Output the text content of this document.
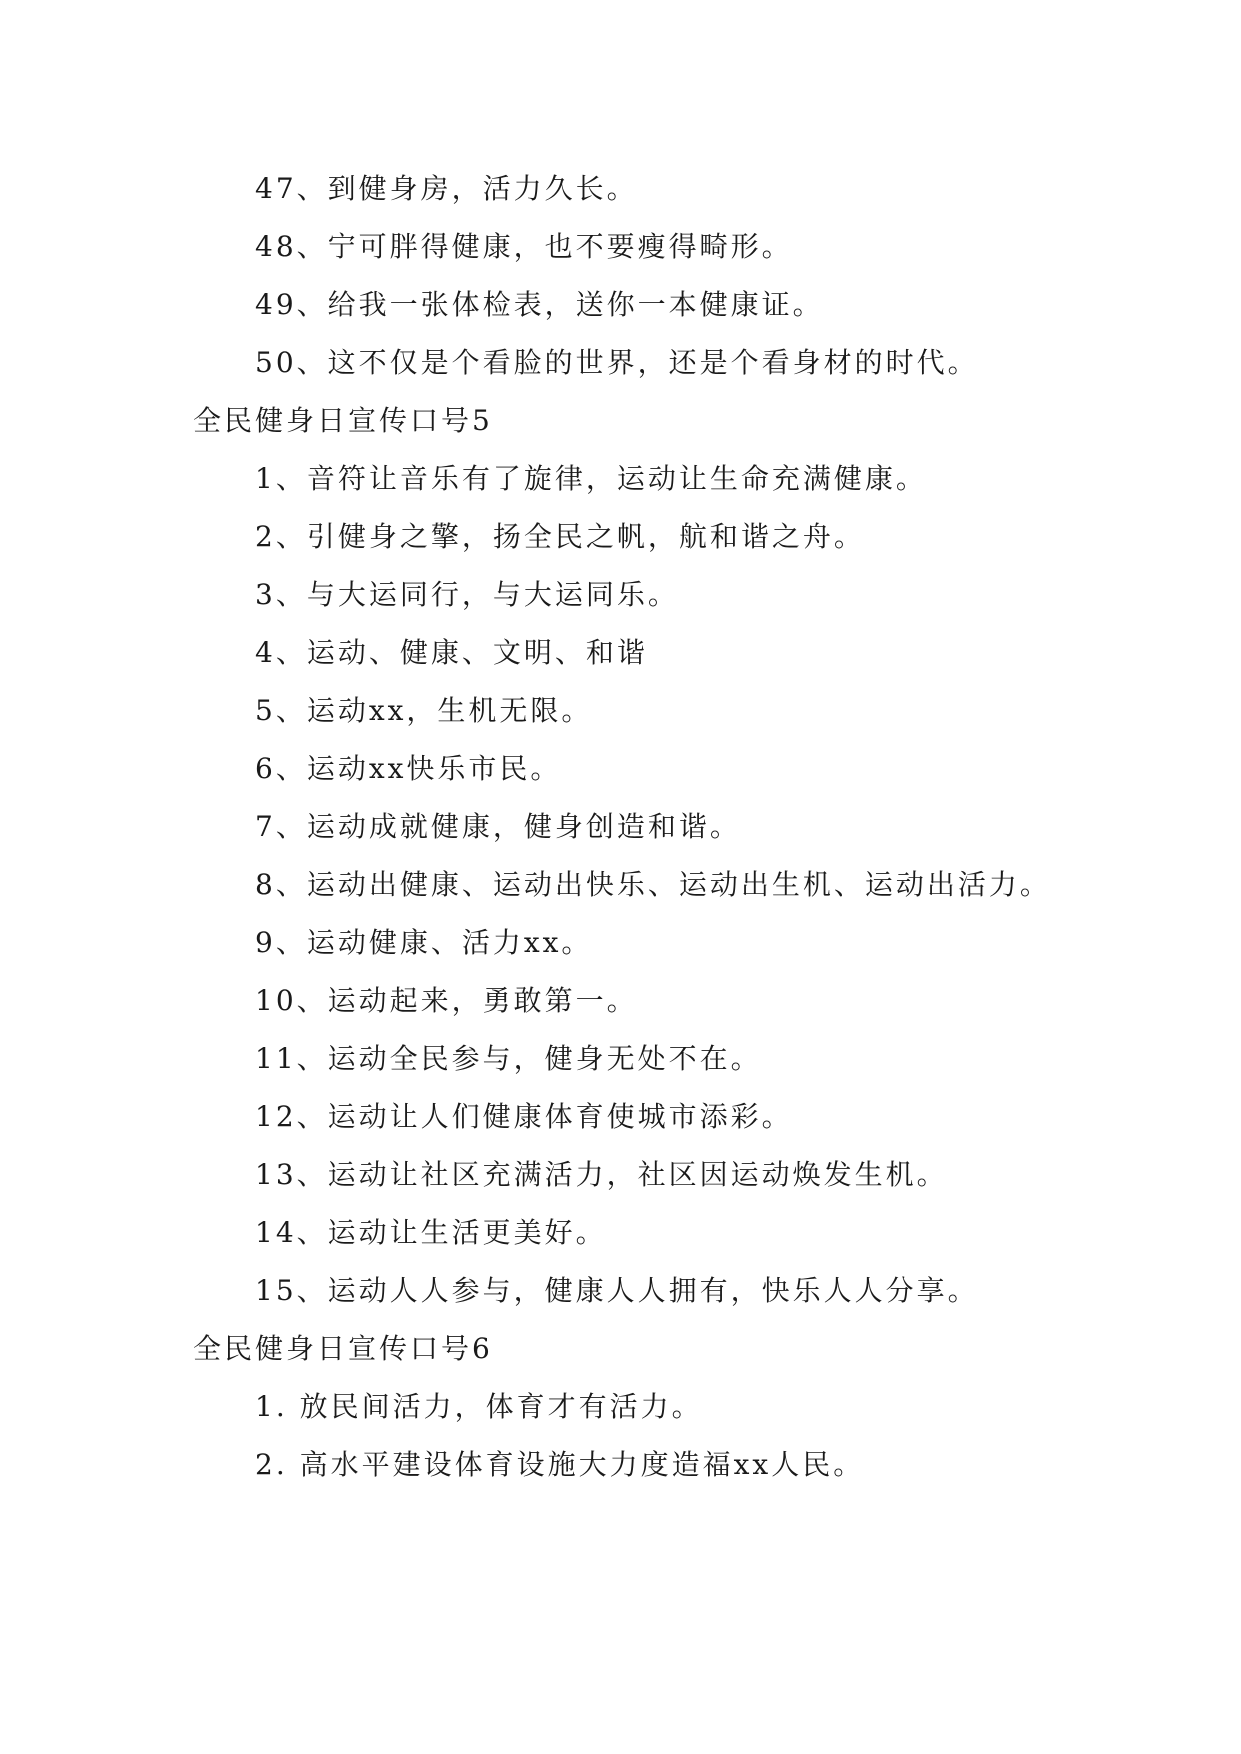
47、到健身房，活力久长。
48、宁可胖得健康，也不要瘦得畸形。
49、给我一张体检表，送你一本健康证。
50、这不仅是个看脸的世界，还是个看身材的时代。
全民健身日宣传口号5
1、音符让音乐有了旋律，运动让生命充满健康。
2、引健身之擎，扬全民之帆，航和谐之舟。
3、与大运同行，与大运同乐。
4、运动、健康、文明、和谐
5、运动xx，生机无限。
6、运动xx快乐市民。
7、运动成就健康，健身创造和谐。
8、运动出健康、运动出快乐、运动出生机、运动出活力。
9、运动健康、活力xx。
10、运动起来，勇敢第一。
11、运动全民参与，健身无处不在。
12、运动让人们健康体育使城市添彩。
13、运动让社区充满活力，社区因运动焕发生机。
14、运动让生活更美好。
15、运动人人参与，健康人人拥有，快乐人人分享。
全民健身日宣传口号6
1. 放民间活力，体育才有活力。
2. 高水平建设体育设施大力度造福xx人民。
